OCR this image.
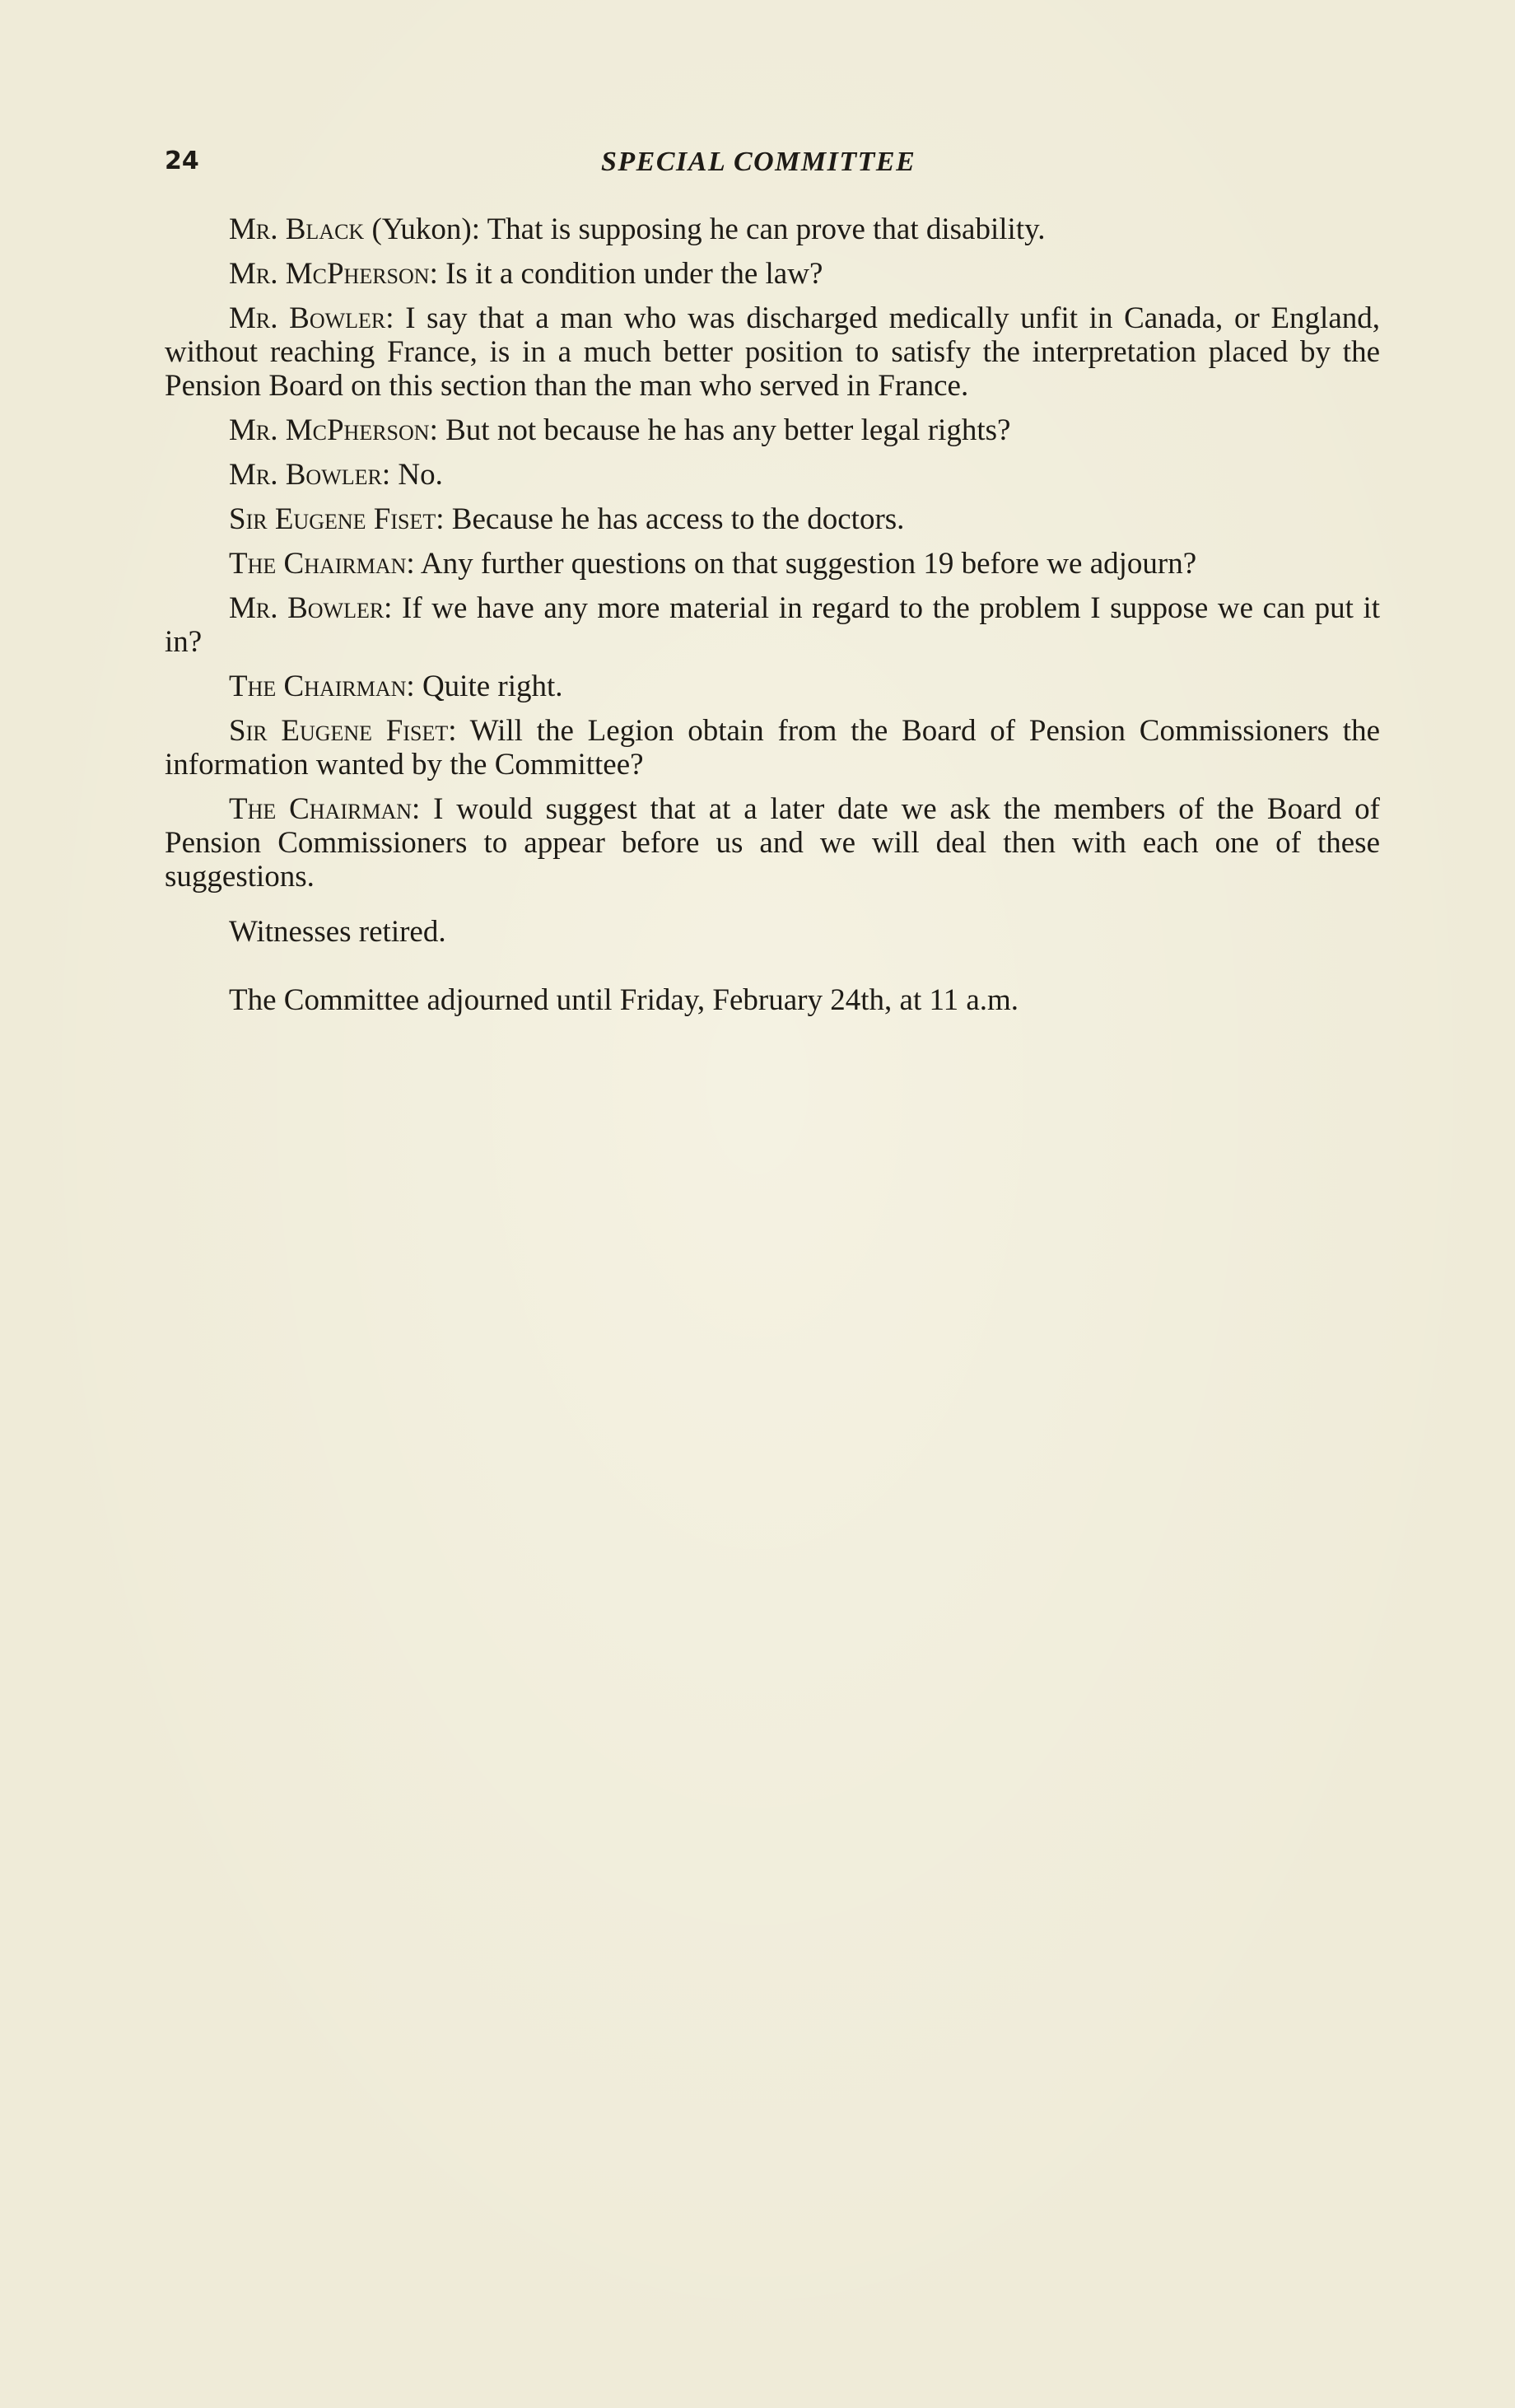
24	SPECIAL COMMITTEE

Mr. Black (Yukon): That is supposing he can prove that disability.

Mr. McPherson: Is it a condition under the law?

Mr. Bowler: I say that a man who was discharged medically unfit in Canada, or England, without reaching France, is in a much better position to satisfy the interpretation placed by the Pension Board on this section than the man who served in France.

Mr. McPherson: But not because he has any better legal rights?

Mr. Bowler: No.

Sir Eugene Fiset: Because he has access to the doctors.

The Chairman: Any further questions on that suggestion 19 before we adjourn?

Mr. Bowler: If we have any more material in regard to the problem I suppose we can put it in?

The Chairman: Quite right.

Sir Eugene Fiset: Will the Legion obtain from the Board of Pension Commissioners the information wanted by the Committee?

The Chairman: I would suggest that at a later date we ask the members of the Board of Pension Commissioners to appear before us and we will deal then with each one of these suggestions.

Witnesses retired.

The Committee adjourned until Friday, February 24th, at 11 a.m.
